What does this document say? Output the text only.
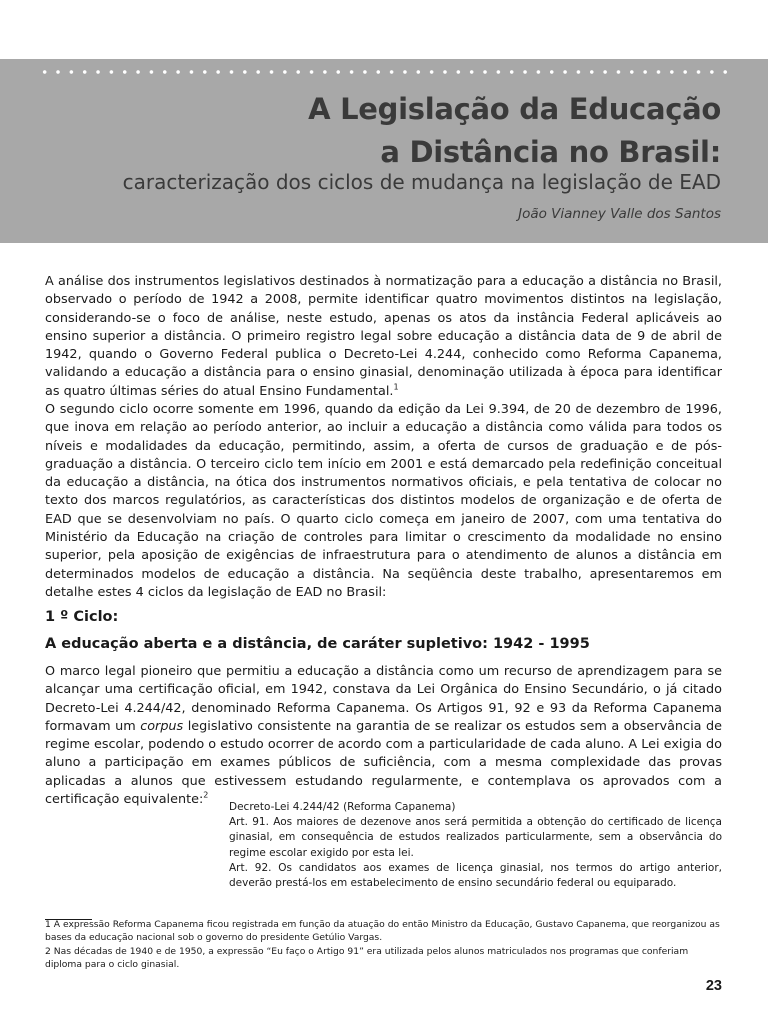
A Legislação da Educação
a Distância no Brasil:

caracterização dos ciclos de mudança na legislação de EAD

João Vianney Valle dos Santos

A análise dos instrumentos legislativos destinados à normatização para a educação a distância no Brasil, observado o período de 1942 a 2008, permite identificar quatro movimentos distintos na legislação, considerando-se o foco de análise, neste estudo, apenas os atos da instância Federal aplicáveis ao ensino superior a distância. O primeiro registro legal sobre educação a distância data de 9 de abril de 1942, quando o Governo Federal publica o Decreto-Lei 4.244, conhecido como Reforma Capanema, validando a educação a distância para o ensino ginasial, denominação utilizada à época para identificar as quatro últimas séries do atual Ensino Fundamental.$^1$

O segundo ciclo ocorre somente em 1996, quando da edição da Lei 9.394, de 20 de dezembro de 1996, que inova em relação ao período anterior, ao incluir a educação a distância como válida para todos os níveis e modalidades da educação, permitindo, assim, a oferta de cursos de graduação e de pós-graduação a distância. O terceiro ciclo tem início em 2001 e está demarcado pela redefinição conceitual da educação a distância, na ótica dos instrumentos normativos oficiais, e pela tentativa de colocar no texto dos marcos regulatórios, as características dos distintos modelos de organização e de oferta de EAD que se desenvolviam no país. O quarto ciclo começa em janeiro de 2007, com uma tentativa do Ministério da Educação na criação de controles para limitar o crescimento da modalidade no ensino superior, pela aposição de exigências de infraestrutura para o atendimento de alunos a distância em determinados modelos de educação a distância. Na seqüência deste trabalho, apresentaremos em detalhe estes 4 ciclos da legislação de EAD no Brasil:

1 º Ciclo:

A educação aberta e a distância, de caráter supletivo: 1942 - 1995

O marco legal pioneiro que permitiu a educação a distância como um recurso de aprendizagem para se alcançar uma certificação oficial, em 1942, constava da Lei Orgânica do Ensino Secundário, o já citado Decreto-Lei 4.244/42, denominado Reforma Capanema. Os Artigos 91, 92 e 93 da Reforma Capanema formavam um corpus legislativo consistente na garantia de se realizar os estudos sem a observância de regime escolar, podendo o estudo ocorrer de acordo com a particularidade de cada aluno. A Lei exigia do aluno a participação em exames públicos de suficiência, com a mesma complexidade das provas aplicadas a alunos que estivessem estudando regularmente, e contemplava os aprovados com a certificação equivalente:$^2$

Decreto-Lei 4.244/42 (Reforma Capanema)

Art. 91. Aos maiores de dezenove anos será permitida a obtenção do certificado de licença ginasial, em consequência de estudos realizados particularmente, sem a observância do regime escolar exigido por esta lei.

Art. 92. Os candidatos aos exames de licença ginasial, nos termos do artigo anterior, deverão prestá-los em estabelecimento de ensino secundário federal ou equiparado.

1 A expressão Reforma Capanema ficou registrada em função da atuação do então Ministro da Educação, Gustavo Capanema, que reorganizou as bases da educação nacional sob o governo do presidente Getúlio Vargas.

2 Nas décadas de 1940 e de 1950, a expressão “Eu faço o Artigo 91” era utilizada pelos alunos matriculados nos programas que conferiam diploma para o ciclo ginasial.

23
